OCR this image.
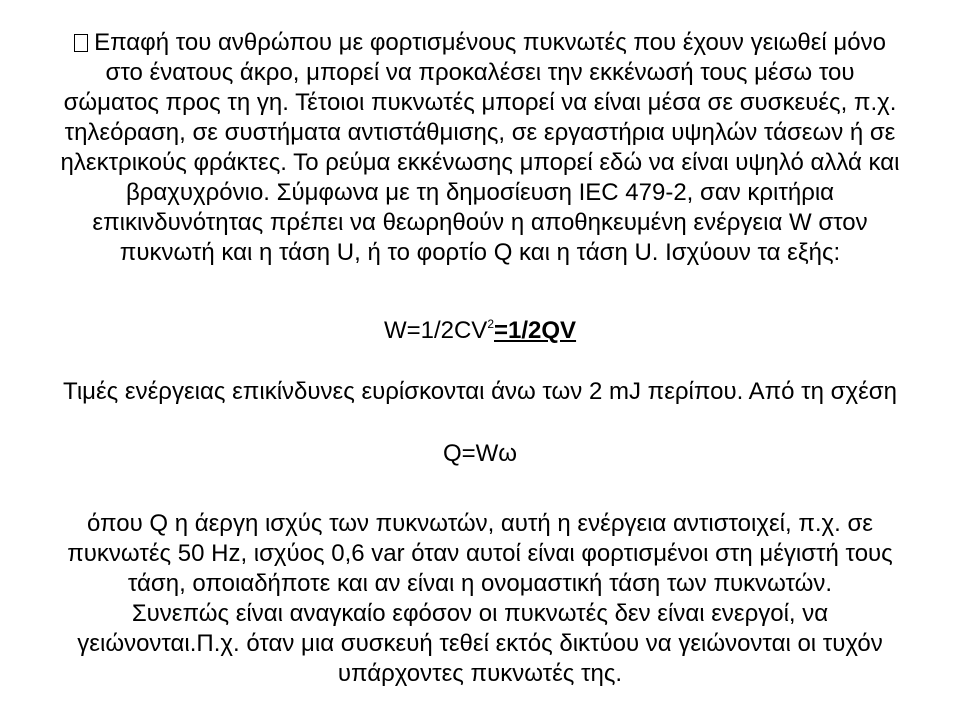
Επαφή του ανθρώπου με φορτισμένους πυκνωτές που έχουν γειωθεί μόνο
στο ένατους άκρο, μπορεί να προκαλέσει την εκκένωσή τους μέσω του
σώματος προς τη γη. Τέτοιοι πυκνωτές μπορεί να είναι μέσα σε συσκευές, π.χ.
τηλεόραση, σε συστήματα αντιστάθμισης, σε εργαστήρια υψηλών τάσεων ή σε
ηλεκτρικούς φράκτες. Το ρεύμα εκκένωσης μπορεί εδώ να είναι υψηλό αλλά και
βραχυχρόνιο. Σύμφωνα με τη δημοσίευση IEC 479-2, σαν κριτήρια
επικινδυνότητας πρέπει να θεωρηθούν η αποθηκευμένη ενέργεια W στον
πυκνωτή και η τάση U, ή το φορτίο Q και η τάση U. Ισχύουν τα εξής:
$W=1/2CV^2=1/2QV$
Τιμές ενέργειας επικίνδυνες ευρίσκονται άνω των 2 mJ περίπου. Από τη σχέση
Q=Wω
όπου Q η άεργη ισχύς των πυκνωτών, αυτή η ενέργεια αντιστοιχεί, π.χ. σε
πυκνωτές 50 Hz, ισχύος 0,6 var όταν αυτοί είναι φορτισμένοι στη μέγιστή τους
τάση, οποιαδήποτε και αν είναι η ονομαστική τάση των πυκνωτών.
Συνεπώς είναι αναγκαίο εφόσον οι πυκνωτές δεν είναι ενεργοί, να
γειώνονται.Π.χ. όταν μια συσκευή τεθεί εκτός δικτύου να γειώνονται οι τυχόν
υπάρχοντες πυκνωτές της.
